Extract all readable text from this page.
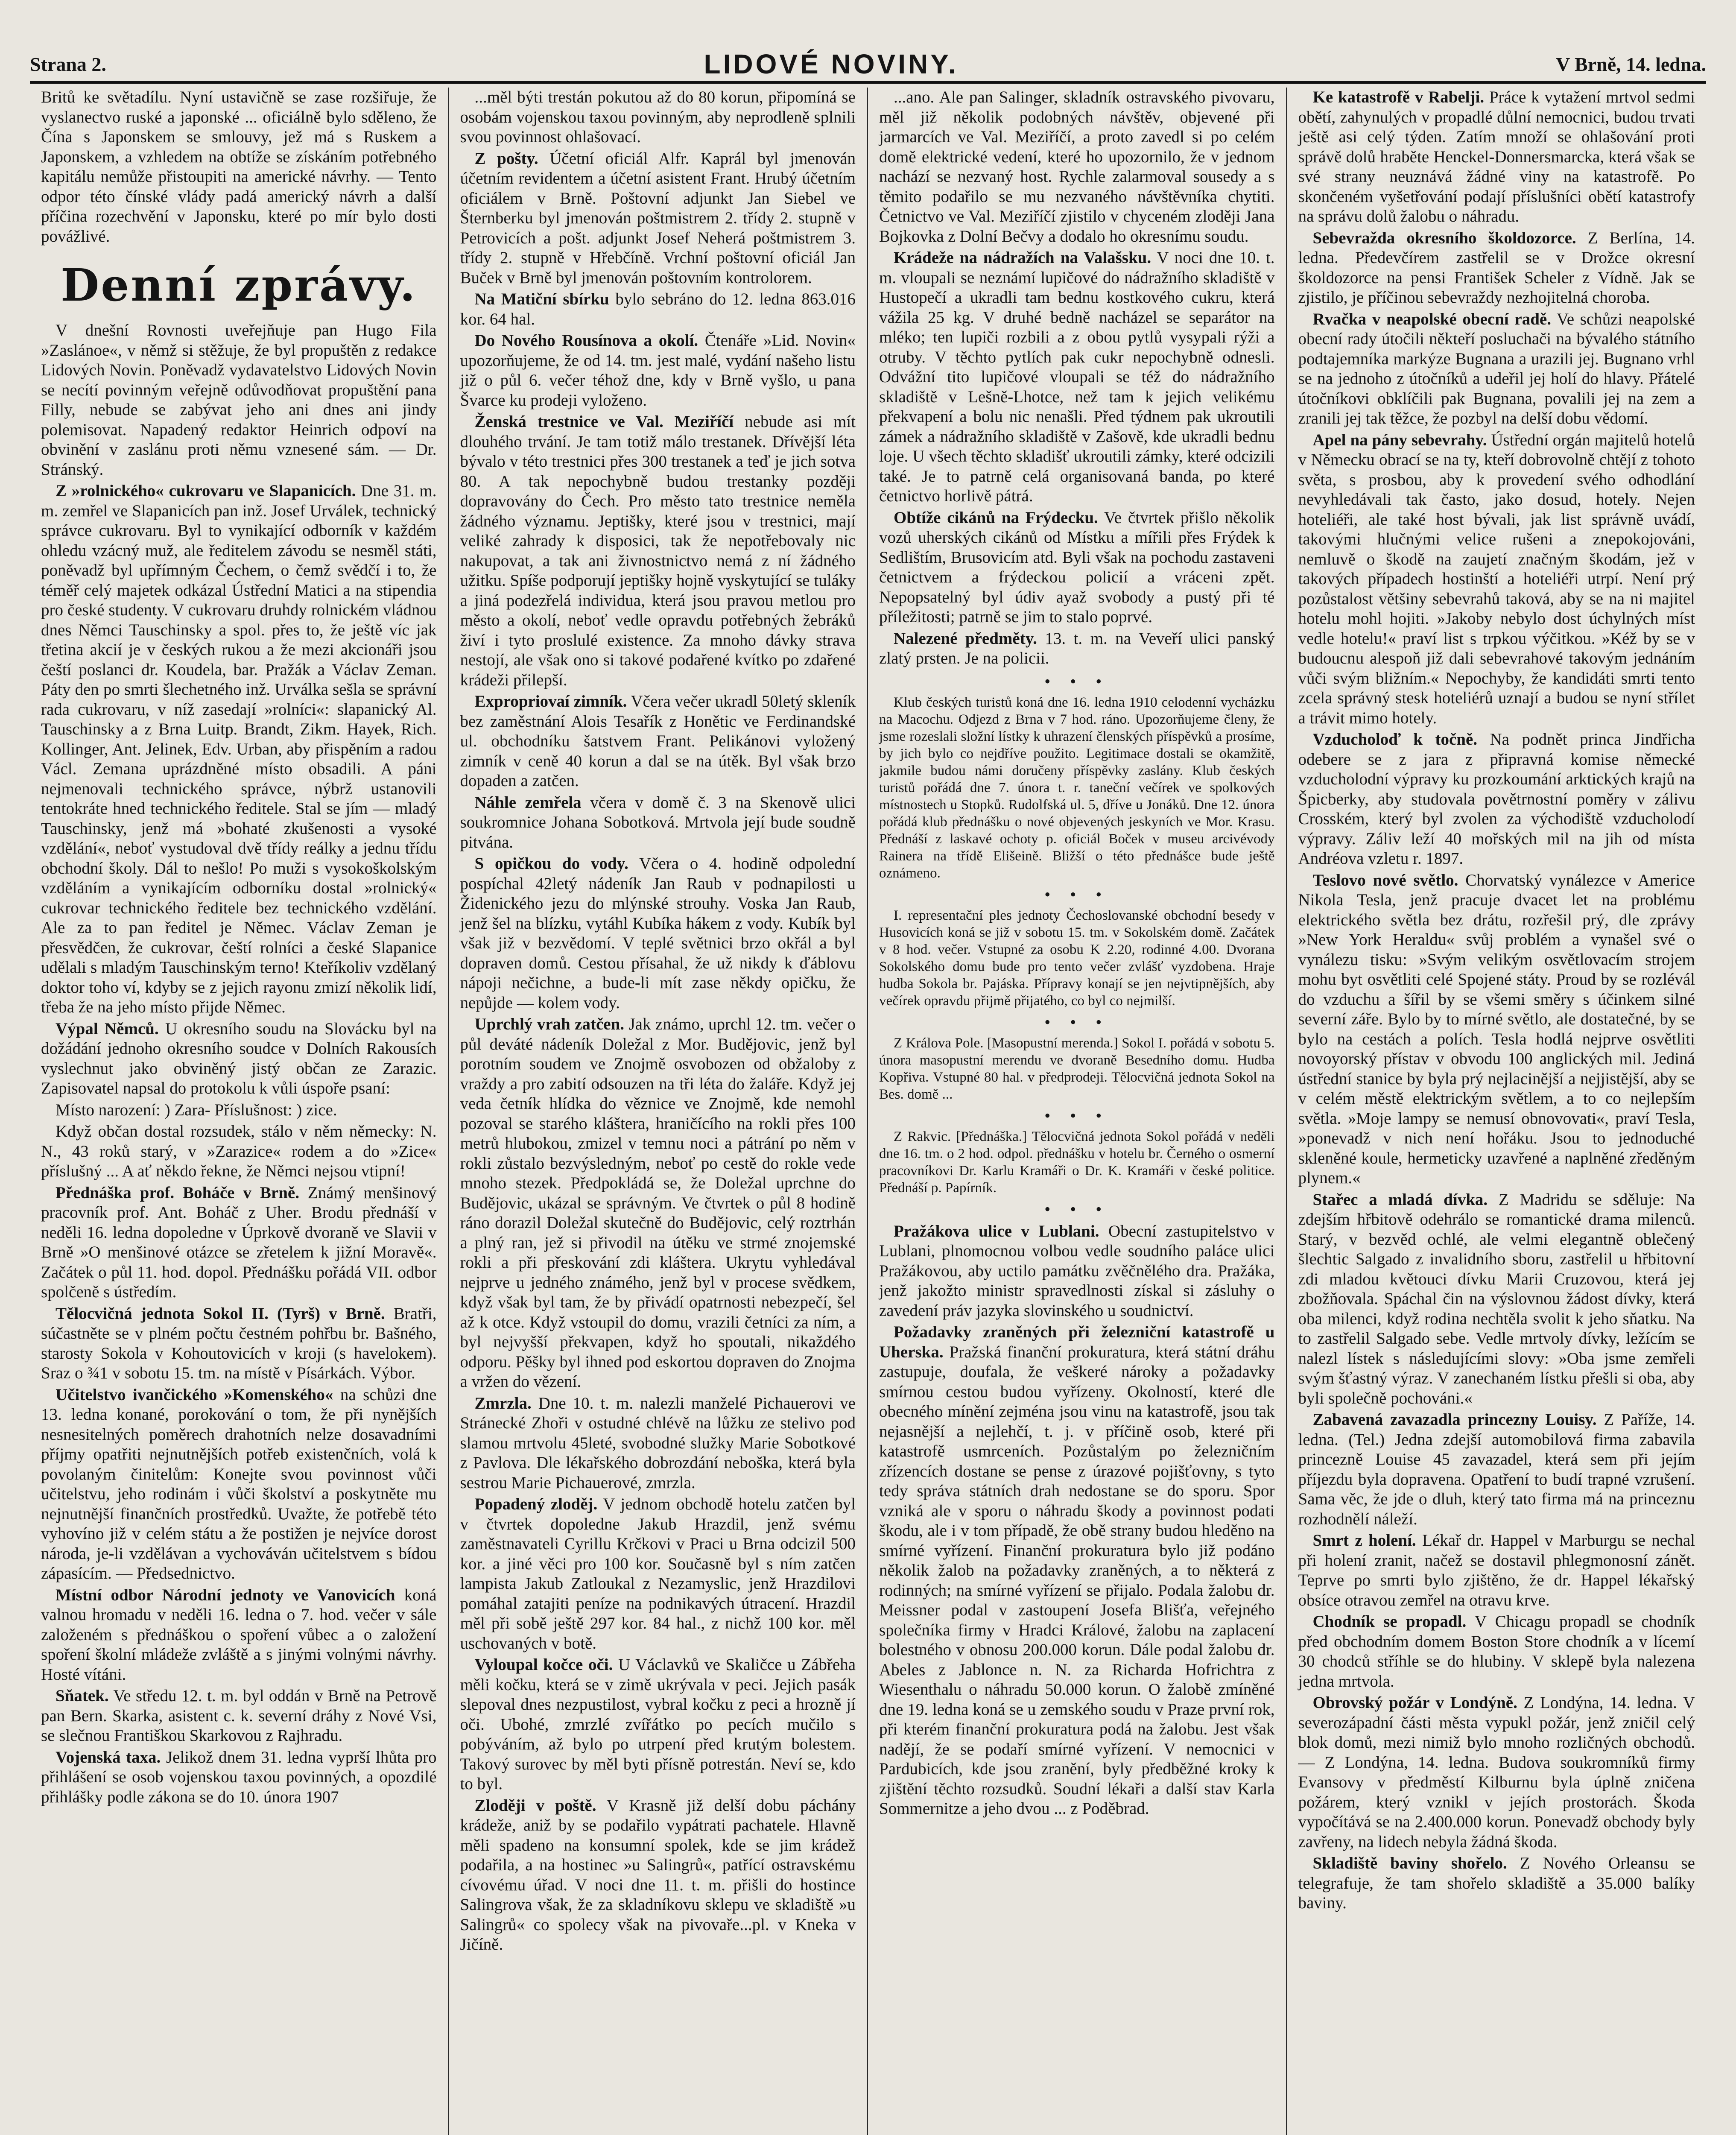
Strana 2.	LIDOVÉ NOVINY.	V Brně, 14. ledna.

Britů ke světadílu. Nyní ustavičně se zase rozšiřuje, že vyslanectvo ruské a japonské ... oficiálně bylo sděleno, že Čína s Japonskem se smlouvy, jež má s Ruskem a Japonskem, a vzhledem na obtíže se získáním potřebného kapitálu nemůže přistoupiti na americké návrhy. — Tento odpor této čínské vlády padá americký návrh a další příčina rozechvění v Japonsku, které po mír bylo dosti povážlivé.

Denní zprávy.

V dnešní Rovnosti uveřejňuje pan Hugo Fila »Zaslánoe«, v němž si stěžuje, že byl propuštěn z redakce Lidových Novin. Poněvadž vydavatelstvo Lidových Novin se necítí povinným veřejně odůvodňovat propuštění pana Filly, nebude se zabývat jeho ani dnes ani jindy polemisovat. Napadený redaktor Heinrich odpoví na obvinění v zaslánu proti němu vznesené sám. — Dr. Stránský.

Z »rolnického« cukrovaru ve Slapanicích. Dne 31. m. m. zemřel ve Slapanicích pan inž. Josef Urválek, technický správce cukrovaru. Byl to vynikající odborník v každém ohledu vzácný muž, ale ředitelem závodu se nesměl státi, poněvadž byl upřímným Čechem, o čemž svědčí i to, že téměř celý majetek odkázal Ústřední Matici a na stipendia pro české studenty. V cukrovaru druhdy rolnickém vládnou dnes Němci Tauschinsky a spol. přes to, že ještě víc jak třetina akcií je v českých rukou a že mezi akcionáři jsou čeští poslanci dr. Koudela, bar. Pražák a Václav Zeman. Páty den po smrti šlechetného inž. Urválka sešla se správní rada cukrovaru, v níž zasedají »rolníci«: slapanický Al. Tauschinsky a z Brna Luitp. Brandt, Zikm. Hayek, Rich. Kollinger, Ant. Jelinek, Edv. Urban, aby přispěním a radou Václ. Zemana uprázdněné místo obsadili. A páni nejmenovali technického správce, nýbrž ustanovili tentokráte hned technického ředitele. Stal se jím — mladý Tauschinsky, jenž má »bohaté zkušenosti a vysoké vzdělání«, neboť vystudoval dvě třídy reálky a jednu třídu obchodní školy. Dál to nešlo! Po muži s vysokoškolským vzděláním a vynikajícím odborníku dostal »rolnický« cukrovar technického ředitele bez technického vzdělání. Ale za to pan ředitel je Němec. Václav Zeman je přesvědčen, že cukrovar, čeští rolníci a české Slapanice udělali s mladým Tauschinským terno! Kteříkoliv vzdělaný doktor toho ví, kdyby se z jejich rayonu zmizí několik lidí, třeba že na jeho místo přijde Němec.

Výpal Němců. U okresního soudu na Slovácku byl na dožádání jednoho okresního soudce v Dolních Rakousích vyslechnut jako obviněný jistý občan ze Zarazic. Zapisovatel napsal do protokolu k vůli úspoře psaní:

Místo narození: ) Zara- Příslušnost: ) zice.

Když občan dostal rozsudek, stálo v něm německy: N. N., 43 roků starý, v »Zarazice« rodem a do »Zice« příslušný ... A ať někdo řekne, že Němci nejsou vtipní!

Přednáška prof. Boháče v Brně. Známý menšinový pracovník prof. Ant. Boháč z Uher. Brodu přednáší v neděli 16. ledna dopoledne v Úprkově dvoraně ve Slavii v Brně »O menšinové otázce se zřetelem k jižní Moravě«. Začátek o půl 11. hod. dopol. Přednášku pořádá VII. odbor spolčeně s ústředím.

Tělocvičná jednota Sokol II. (Tyrš) v Brně. Bratři, súčastněte se v plném počtu čestném pohřbu br. Bašného, starosty Sokola v Kohoutovicích v kroji (s havelokem). Sraz o ¾1 v sobotu 15. tm. na místě v Písárkách. Výbor.

Učitelstvo ivančického »Komenského« na schůzi dne 13. ledna konané, porokování o tom, že při nynějších nesnesitelných poměrech drahotních nelze dosavadními příjmy opatřiti nejnutnějších potřeb existenčních, volá k povolaným činitelům: Konejte svou povinnost vůči učitelstvu, jeho rodinám i vůči školství a poskytněte mu nejnutnější finančních prostředků. Uvažte, že potřebě této vyhovíno již v celém státu a že postižen je nejvíce dorost národa, je-li vzdělávan a vychováván učitelstvem s bídou zápasícím. — Předsednictvo.

Místní odbor Národní jednoty ve Vanovicích koná valnou hromadu v neděli 16. ledna o 7. hod. večer v sále založeném s přednáškou o spoření vůbec a o založení spoření školní mládeže zvláště a s jinými volnými návrhy. Hosté vítáni.

Sňatek. Ve středu 12. t. m. byl oddán v Brně na Petrově pan Bern. Skarka, asistent c. k. severní dráhy z Nové Vsi, se slečnou Františkou Skarkovou z Rajhradu.

Vojenská taxa. Jelikož dnem 31. ledna vyprší lhůta pro přihlášení se osob vojenskou taxou povinných, a opozdilé přihlášky podle zákona se do 10. února 1907

...měl býti trestán pokutou až do 80 korun, připomíná se osobám vojenskou taxou povinným, aby neprodleně splnili svou povinnost ohlašovací.

Z pošty. Účetní oficiál Alfr. Kaprál byl jmenován účetním revidentem a účetní asistent Frant. Hrubý účetním oficiálem v Brně. Poštovní adjunkt Jan Siebel ve Šternberku byl jmenován poštmistrem 2. třídy 2. stupně v Petrovicích a pošt. adjunkt Josef Neherá poštmistrem 3. třídy 2. stupně v Hřebčíně. Vrchní poštovní oficiál Jan Buček v Brně byl jmenován poštovním kontrolorem.

Na Matiční sbírku bylo sebráno do 12. ledna 863.016 kor. 64 hal.

Do Nového Rousínova a okolí. Čtenáře »Lid. Novin« upozorňujeme, že od 14. tm. jest malé, vydání našeho listu již o půl 6. večer téhož dne, kdy v Brně vyšlo, u pana Švarce ku prodeji vyloženo.

Ženská trestnice ve Val. Meziříčí nebude asi mít dlouhého trvání. Je tam totiž málo trestanek. Dřívější léta bývalo v této trestnici přes 300 trestanek a teď je jich sotva 80. A tak nepochybně budou trestanky později dopravovány do Čech. Pro město tato trestnice neměla žádného významu. Jeptišky, které jsou v trestnici, mají veliké zahrady k disposici, tak že nepotřebovaly nic nakupovat, a tak ani živnostnictvo nemá z ní žádného užitku. Spíše podporují jeptišky hojně vyskytující se tuláky a jiná podezřelá individua, která jsou pravou metlou pro město a okolí, neboť vedle opravdu potřebných žebráků živí i tyto proslulé existence. Za mnoho dávky strava nestojí, ale však ono si takové podařené kvítko po zdařené krádeži přilepší.

Expropriovaí zimník. Včera večer ukradl 50letý skleník bez zaměstnání Alois Tesařík z Honětic ve Ferdinandské ul. obchodníku šatstvem Frant. Pelikánovi vyložený zimník v ceně 40 korun a dal se na útěk. Byl však brzo dopaden a zatčen.

Náhle zemřela včera v domě č. 3 na Skenově ulici soukromnice Johana Sobotková. Mrtvola její bude soudně pitvána.

S opičkou do vody. Včera o 4. hodině odpolední pospíchal 42letý nádeník Jan Raub v podnapilosti u Židenického jezu do mlýnské strouhy. Voska Jan Raub, jenž šel na blízku, vytáhl Kubíka hákem z vody. Kubík byl však již v bezvědomí. V teplé světnici brzo okřál a byl dopraven domů. Cestou přísahal, že už nikdy k ďáblovu nápoji nečichne, a bude-li mít zase někdy opičku, že nepůjde — kolem vody.

Uprchlý vrah zatčen. Jak známo, uprchl 12. tm. večer o půl deváté nádeník Doležal z Mor. Budějovic, jenž byl porotním soudem ve Znojmě osvobozen od obžaloby z vraždy a pro zabití odsouzen na tři léta do žaláře. Když jej veda četník hlídka do věznice ve Znojmě, kde nemohl pozoval se starého kláštera, hraničícího na rokli přes 100 metrů hlubokou, zmizel v temnu noci a pátrání po něm v rokli zůstalo bezvýsledným, neboť po cestě do rokle vede mnoho stezek. Předpokládá se, že Doležal uprchne do Budějovic, ukázal se správným. Ve čtvrtek o půl 8 hodině ráno dorazil Doležal skutečně do Budějovic, celý roztrhán a plný ran, jež si přivodil na útěku ve strmé znojemské rokli a při přeskování zdi kláštera. Ukrytu vyhledával nejprve u jedného známého, jenž byl v procese svědkem, když však byl tam, že by přivádí opatrnosti nebezpečí, šel až k otce. Když vstoupil do domu, vrazili četníci za ním, a byl nejvyšší překvapen, když ho spoutali, nikaždého odporu. Pěšky byl ihned pod eskortou dopraven do Znojma a vržen do vězení.

Zmrzla. Dne 10. t. m. nalezli manželé Pichauerovi ve Stránecké Zhoři v ostudné chlévě na lůžku ze stelivo pod slamou mrtvolu 45leté, svobodné služky Marie Sobotkové z Pavlova. Dle lékařského dobrozdání neboška, která byla sestrou Marie Pichauerové, zmrzla.

Popadený zloděj. V jednom obchodě hotelu zatčen byl v čtvrtek dopoledne Jakub Hrazdil, jenž svému zaměstnavateli Cyrillu Krčkovi v Praci u Brna odcizil 500 kor. a jiné věci pro 100 kor. Současně byl s ním zatčen lampista Jakub Zatloukal z Nezamyslic, jenž Hrazdilovi pomáhal zatajiti peníze na podnikavých útracení. Hrazdil měl při sobě ještě 297 kor. 84 hal., z nichž 100 kor. měl uschovaných v botě.

Vyloupal kočce oči. U Václavků ve Skaličce u Zábřeha měli kočku, která se v zimě ukrývala v peci. Jejich pasák slepoval dnes nezpustilost, vybral kočku z peci a hrozně jí oči. Ubohé, zmrzlé zvířátko po pecích mučilo s pobýváním, až bylo po utrpení před krutým bolestem. Takový surovec by měl byti přísně potrestán. Neví se, kdo to byl.

Zloději v poště. V Krasně již delší dobu páchány krádeže, aniž by se podařilo vypátrati pachatele. Hlavně měli spadeno na konsumní spolek, kde se jim krádež podařila, a na hostinec »u Salingrů«, patřící ostravskému cívovému úřad. V noci dne 11. t. m. přišli do hostince Salingrova však, že za skladníkovu sklepu ve skladiště »u Salingrů« co spolecy však na pivovaře...pl. v Kneka v Jičíně.

...ano. Ale pan Salinger, skladník ostravského pivovaru, měl již několik podobných návštěv, objevené při jarmarcích ve Val. Meziříčí, a proto zavedl si po celém domě elektrické vedení, které ho upozornilo, že v jednom nachází se nezvaný host. Rychle zalarmoval sousedy a s těmito podařilo se mu nezvaného návštěvníka chytiti. Četnictvo ve Val. Meziříčí zjistilo v chyceném zloději Jana Bojkovka z Dolní Bečvy a dodalo ho okresnímu soudu.

Krádeže na nádražích na Valašsku. V noci dne 10. t. m. vloupali se neznámí lupičové do nádražního skladiště v Hustopečí a ukradli tam bednu kostkového cukru, která vážila 25 kg. V druhé bedně nacházel se separátor na mléko; ten lupiči rozbili a z obou pytlů vysypali rýži a otruby. V těchto pytlích pak cukr nepochybně odnesli. Odvážní tito lupičové vloupali se též do nádražního skladiště v Lešně-Lhotce, než tam k jejich velikému překvapení a bolu nic nenašli. Před týdnem pak ukroutili zámek a nádražního skladiště v Zašově, kde ukradli bednu loje. U všech těchto skladišť ukroutili zámky, které odcizili také. Je to patrně celá organisovaná banda, po které četnictvo horlivě pátrá.

Obtíže cikánů na Frýdecku. Ve čtvrtek přišlo několik vozů uherských cikánů od Místku a mířili přes Frýdek k Sedlištím, Brusovicím atd. Byli však na pochodu zastaveni četnictvem a frýdeckou policií a vráceni zpět. Nepopsatelný byl údiv ayaž svobody a pustý při té příležitosti; patrně se jim to stalo poprvé.

Nalezené předměty. 13. t. m. na Veveří ulici panský zlatý prsten. Je na policii.

• • •

Klub českých turistů koná dne 16. ledna 1910 celodenní vycházku na Macochu. Odjezd z Brna v 7 hod. ráno. Upozorňujeme členy, že jsme rozeslali složní lístky k uhrazení členských příspěvků a prosíme, by jich bylo co nejdříve použito. Legitimace dostali se okamžitě, jakmile budou námi doručeny příspěvky zaslány. Klub českých turistů pořádá dne 7. února t. r. taneční večírek ve spolkových místnostech u Stopků. Rudolfská ul. 5, dříve u Jonáků. Dne 12. února pořádá klub přednášku o nové objevených jeskyních ve Mor. Krasu. Přednáší z laskavé ochoty p. oficiál Boček v museu arcivévody Rainera na třídě Elišeině. Bližší o této přednášce bude ještě oznámeno.

• • •

I. representační ples jednoty Čechoslovanské obchodní besedy v Husovicích koná se již v sobotu 15. tm. v Sokolském domě. Začátek v 8 hod. večer. Vstupné za osobu K 2.20, rodinné 4.00. Dvorana Sokolského domu bude pro tento večer zvlášť vyzdobena. Hraje hudba Sokola br. Pajáska. Přípravy konají se jen nejvtipnějších, aby večírek opravdu přijmě přijatého, co byl co nejmilší.

• • •

Z Králova Pole. [Masopustní merenda.] Sokol I. pořádá v sobotu 5. února masopustní merendu ve dvoraně Besedního domu. Hudba Kopřiva. Vstupné 80 hal. v předprodeji. Tělocvičná jednota Sokol na Bes. domě ...

• • •

Z Rakvic. [Přednáška.] Tělocvičná jednota Sokol pořádá v neděli dne 16. tm. o 2 hod. odpol. přednášku v hotelu br. Černého o osmerní pracovníkovi Dr. Karlu Kramáři o Dr. K. Kramáři v české politice. Přednáší p. Papírník.

• • •

Pražákova ulice v Lublani. Obecní zastupitelstvo v Lublani, plnomocnou volbou vedle soudního paláce ulici Pražákovou, aby uctilo památku zvěčnělého dra. Pražáka, jenž jakožto ministr spravedlnosti získal si zásluhy o zavedení práv jazyka slovinského u soudnictví.

Požadavky zraněných při železniční katastrofě u Uherska. Pražská finanční prokuratura, která státní dráhu zastupuje, doufala, že veškeré nároky a požadavky smírnou cestou budou vyřízeny. Okolností, které dle obecného mínění zejména jsou vinu na katastrofě, jsou tak nejasnější a nejlehčí, t. j. v příčině osob, které při katastrofě usmrceních. Pozůstalým po železničním zřízencích dostane se pense z úrazové pojišťovny, s tyto tedy správa státních drah nedostane se do sporu. Spor vzniká ale v sporu o náhradu škody a povinnost podati škodu, ale i v tom případě, že obě strany budou hleděno na smírné vyřízení. Finanční prokuratura bylo již podáno několik žalob na požadavky zraněných, a to některá z rodinných; na smírné vyřízení se přijalo. Podala žalobu dr. Meissner podal v zastoupení Josefa Blišťa, veřejného společníka firmy v Hradci Králové, žalobu na zaplacení bolestného v obnosu 200.000 korun. Dále podal žalobu dr. Abeles z Jablonce n. N. za Richarda Hofrichtra z Wiesenthalu o náhradu 50.000 korun. O žalobě zmíněné dne 19. ledna koná se u zemského soudu v Praze první rok, při kterém finanční prokuratura podá na žalobu. Jest však nadějí, že se podaří smírné vyřízení. V nemocnici v Pardubicích, kde jsou zranění, byly předběžné kroky k zjištění těchto rozsudků. Soudní lékaři a další stav Karla Sommernitze a jeho dvou ... z Poděbrad.

Ke katastrofě v Rabelji. Práce k vytažení mrtvol sedmi obětí, zahynulých v propadlé důlní nemocnici, budou trvati ještě asi celý týden. Zatím množí se ohlašování proti správě dolů hraběte Henckel-Donnersmarcka, která však se své strany neuznává žádné viny na katastrofě. Po skončeném vyšetřování podají příslušníci obětí katastrofy na správu dolů žalobu o náhradu.

Sebevražda okresního školdozorce. Z Berlína, 14. ledna. Předevčírem zastřelil se v Drožce okresní školdozorce na pensi František Scheler z Vídně. Jak se zjistilo, je příčinou sebevraždy nezhojitelná choroba.

Rvačka v neapolské obecní radě. Ve schůzi neapolské obecní rady útočili někteří posluchači na bývalého státního podtajemníka markýze Bugnana a urazili jej. Bugnano vrhl se na jednoho z útočníků a udeřil jej holí do hlavy. Přátelé útočníkovi obklíčili pak Bugnana, povalili jej na zem a zranili jej tak těžce, že pozbyl na delší dobu vědomí.

Apel na pány sebevrahy. Ústřední orgán majitelů hotelů v Německu obrací se na ty, kteří dobrovolně chtějí z tohoto světa, s prosbou, aby k provedení svého odhodlání nevyhledávali tak často, jako dosud, hotely. Nejen hoteliéři, ale také host bývali, jak list správně uvádí, takovými hlučnými velice rušeni a znepokojováni, nemluvě o škodě na zaujetí značným škodám, jež v takových případech hostinští a hoteliéři utrpí. Není prý pozůstalost většiny sebevrahů taková, aby se na ni majitel hotelu mohl hojiti. »Jakoby nebylo dost úchylných míst vedle hotelu!« praví list s trpkou výčitkou. »Kéž by se v budoucnu alespoň již dali sebevrahové takovým jednáním vůči svým bližním.« Nepochyby, že kandidáti smrti tento zcela správný stesk hoteliérů uznají a budou se nyní střílet a trávit mimo hotely.

Vzducholoď k točně. Na podnět princa Jindřicha odebere se z jara z připravná komise německé vzducholodní výpravy ku prozkoumání arktických krajů na Špicberky, aby studovala povětrnostní poměry v zálivu Crosském, který byl zvolen za východiště vzducholodí výpravy. Záliv leží 40 mořských mil na jih od místa Andréova vzletu r. 1897.

Teslovo nové světlo. Chorvatský vynálezce v Americe Nikola Tesla, jenž pracuje dvacet let na problému elektrického světla bez drátu, rozřešil prý, dle zprávy »New York Heraldu« svůj problém a vynašel své o vynálezu tisku: »Svým velikým osvětlovacím strojem mohu byt osvětliti celé Spojené státy. Proud by se rozlévál do vzduchu a šířil by se všemi směry s účinkem silné severní záře. Bylo by to mírné světlo, ale dostatečné, by se bylo na cestách a polích. Tesla hodlá nejprve osvětliti novoyorský přístav v obvodu 100 anglických mil. Jediná ústřední stanice by byla prý nejlacinější a nejjistější, aby se v celém městě elektrickým světlem, a to co nejlepším světla. »Moje lampy se nemusí obnovovati«, praví Tesla, »ponevadž v nich není hořáku. Jsou to jednoduché skleněné koule, hermeticky uzavřené a naplněné zředěným plynem.«

Stařec a mladá dívka. Z Madridu se sděluje: Na zdejším hřbitově odehrálo se romantické drama milenců. Starý, v bezvěd ochlé, ale velmi elegantně oblečený šlechtic Salgado z invalidního sboru, zastřelil u hřbitovní zdi mladou květouci dívku Marii Cruzovou, která jej zbožňovala. Spáchal čin na výslovnou žádost dívky, která oba milenci, když rodina nechtěla svolit k jeho sňatku. Na to zastřelil Salgado sebe. Vedle mrtvoly dívky, ležícím se nalezl lístek s následujícími slovy: »Oba jsme zemřeli svým šťastný výraz. V zanechaném lístku přešli si oba, aby byli společně pochováni.«

Zabavená zavazadla princezny Louisy. Z Paříže, 14. ledna. (Tel.) Jedna zdejší automobilová firma zabavila princezně Louise 45 zavazadel, která sem při jejím příjezdu byla dopravena. Opatření to budí trapné vzrušení. Sama věc, že jde o dluh, který tato firma má na princeznu rozhodnělí náleží.

Smrt z holení. Lékař dr. Happel v Marburgu se nechal při holení zranit, načež se dostavil phlegmonosní zánět. Teprve po smrti bylo zjištěno, že dr. Happel lékařský obsíce otravou zemřel na otravu krve.

Chodník se propadl. V Chicagu propadl se chodník před obchodním domem Boston Store chodník a v lícemí 30 chodců stříhle se do hlubiny. V sklepě byla nalezena jedna mrtvola.

Obrovský požár v Londýně. Z Londýna, 14. ledna. V severozápadní části města vypukl požár, jenž zničil celý blok domů, mezi nimiž bylo mnoho rozličných obchodů. — Z Londýna, 14. ledna. Budova soukromníků firmy Evansovy v předměstí Kilburnu byla úplně zničena požárem, který vznikl v jejích prostorách. Škoda vypočítává se na 2.400.000 korun. Ponevadž obchody byly zavřeny, na lidech nebyla žádná škoda.

Skladiště baviny shořelo. Z Nového Orleansu se telegrafuje, že tam shořelo skladiště a 35.000 balíky baviny.
